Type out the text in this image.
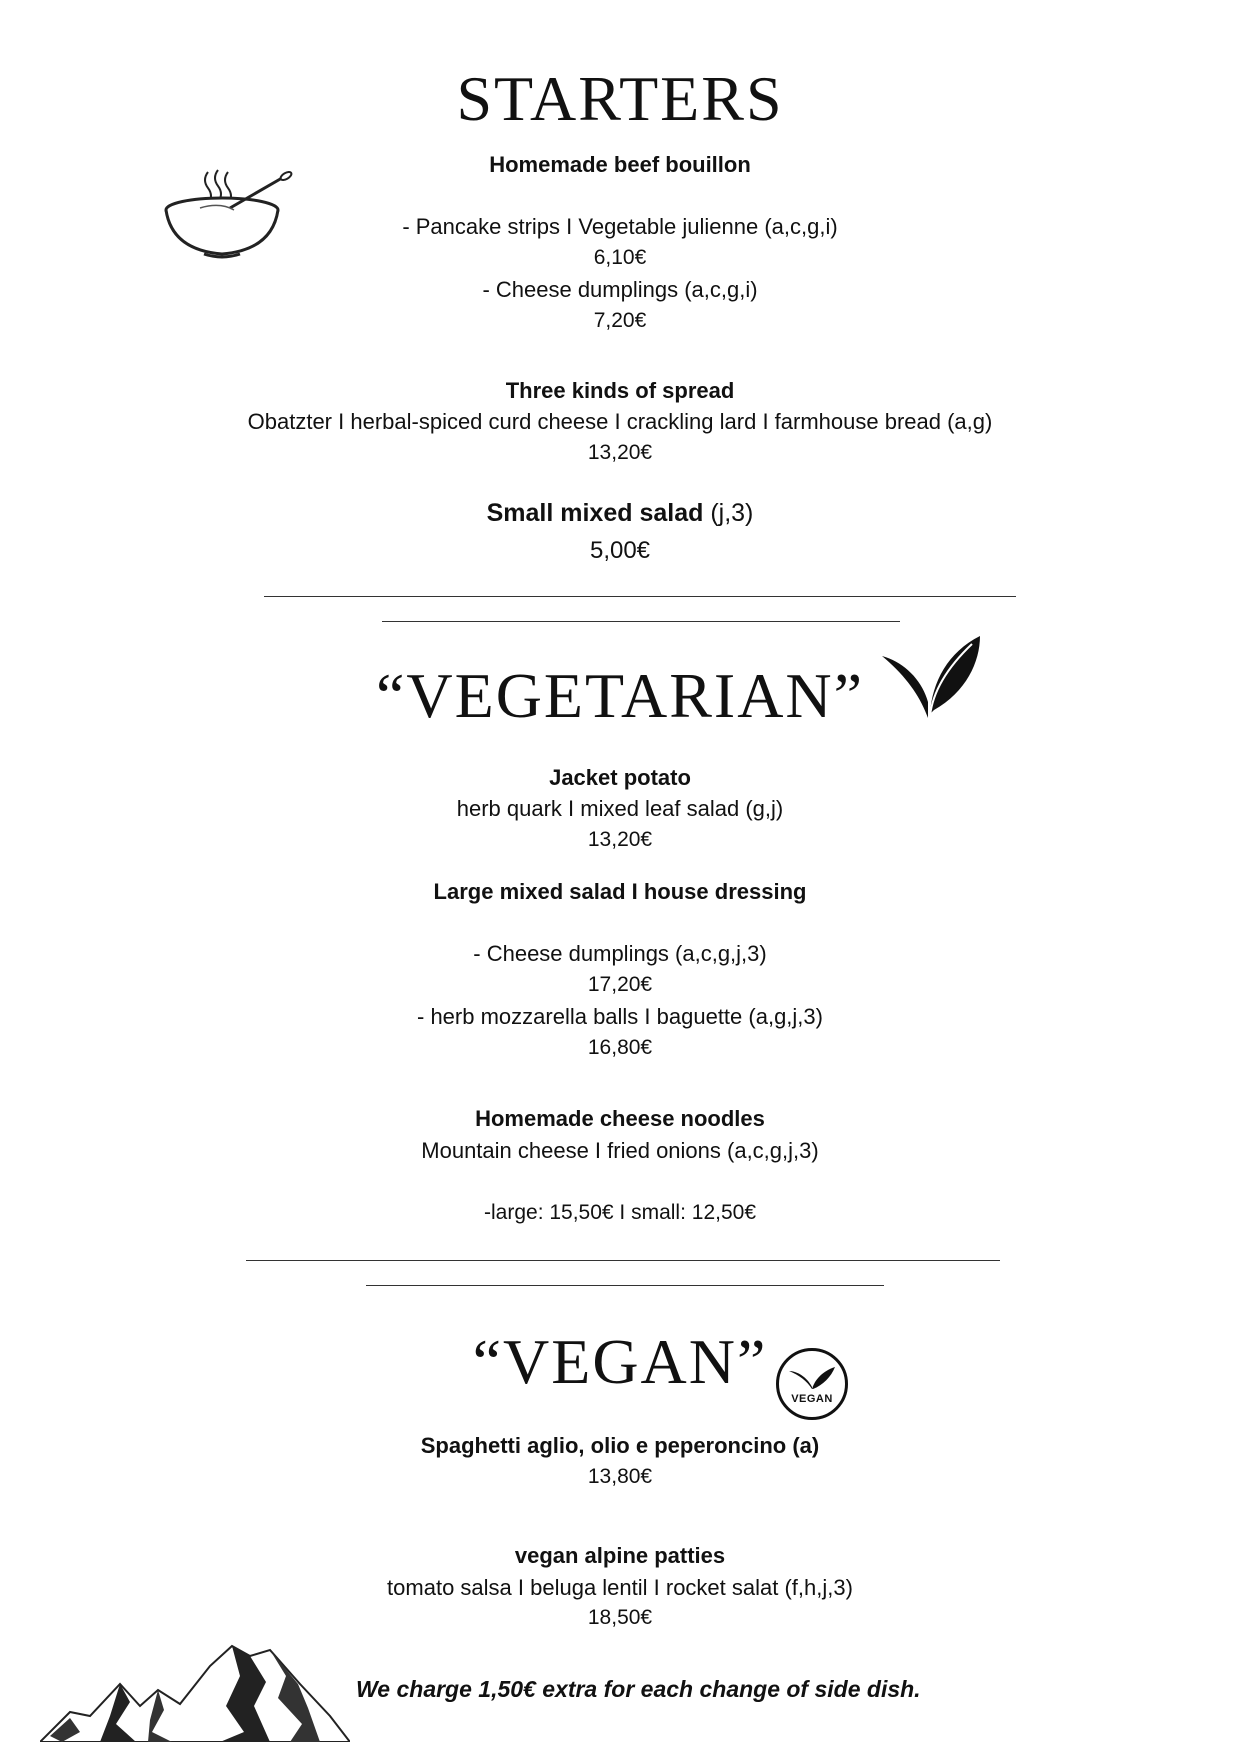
STARTERS
Homemade beef bouillon
- Pancake strips I Vegetable julienne (a,c,g,i)
6,10€
- Cheese dumplings (a,c,g,i)
7,20€
Three kinds of spread
Obatzter I herbal-spiced curd cheese I crackling lard I farmhouse bread (a,g)
13,20€
Small mixed salad (j,3)
5,00€
“VEGETARIAN”
Jacket potato
herb quark I mixed leaf salad (g,j)
13,20€
Large mixed salad I house dressing
- Cheese dumplings (a,c,g,j,3)
17,20€
- herb mozzarella balls I baguette (a,g,j,3)
16,80€
Homemade cheese noodles
Mountain cheese I fried onions (a,c,g,j,3)
-large: 15,50€ I small: 12,50€
“VEGAN”
VEGAN
Spaghetti aglio, olio e peperoncino (a)
13,80€
vegan alpine patties
tomato salsa I beluga lentil I rocket salat (f,h,j,3)
18,50€
We charge 1,50€ extra for each change of side dish.
